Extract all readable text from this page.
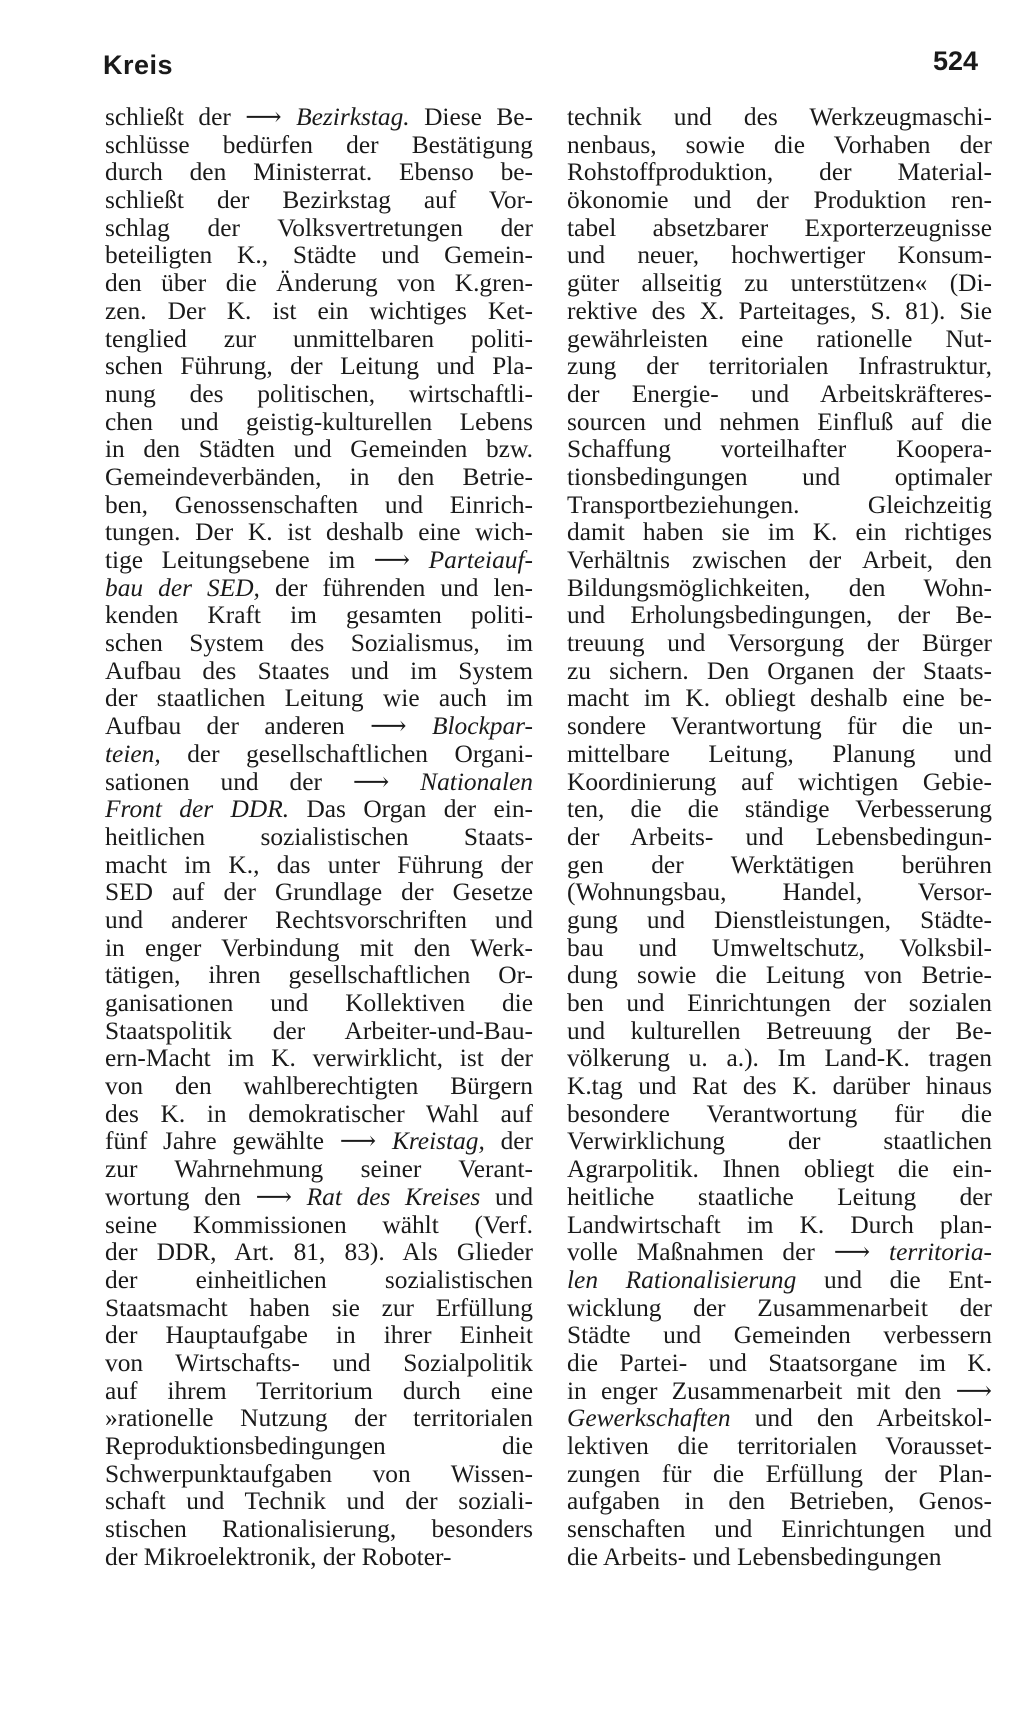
Kreis	524
schließt der ⟶ Bezirkstag. Diese Be-
schlüsse bedürfen der Bestätigung
durch den Ministerrat. Ebenso be-
schließt der Bezirkstag auf Vor-
schlag der Volksvertretungen der
beteiligten K., Städte und Gemein-
den über die Änderung von K.gren-
zen. Der K. ist ein wichtiges Ket-
tenglied zur unmittelbaren politi-
schen Führung, der Leitung und Pla-
nung des politischen, wirtschaftli-
chen und geistig-kulturellen Lebens
in den Städten und Gemeinden bzw.
Gemeindeverbänden, in den Betrie-
ben, Genossenschaften und Einrich-
tungen. Der K. ist deshalb eine wich-
tige Leitungsebene im ⟶ Parteiauf-
bau der SED, der führenden und len-
kenden Kraft im gesamten politi-
schen System des Sozialismus, im
Aufbau des Staates und im System
der staatlichen Leitung wie auch im
Aufbau der anderen ⟶ Blockpar-
teien, der gesellschaftlichen Organi-
sationen und der ⟶ Nationalen
Front der DDR. Das Organ der ein-
heitlichen sozialistischen Staats-
macht im K., das unter Führung der
SED auf der Grundlage der Gesetze
und anderer Rechtsvorschriften und
in enger Verbindung mit den Werk-
tätigen, ihren gesellschaftlichen Or-
ganisationen und Kollektiven die
Staatspolitik der Arbeiter-und-Bau-
ern-Macht im K. verwirklicht, ist der
von den wahlberechtigten Bürgern
des K. in demokratischer Wahl auf
fünf Jahre gewählte ⟶ Kreistag, der
zur Wahrnehmung seiner Verant-
wortung den ⟶ Rat des Kreises und
seine Kommissionen wählt (Verf.
der DDR, Art. 81, 83). Als Glieder
der einheitlichen sozialistischen
Staatsmacht haben sie zur Erfüllung
der Hauptaufgabe in ihrer Einheit
von Wirtschafts- und Sozialpolitik
auf ihrem Territorium durch eine
»rationelle Nutzung der territorialen
Reproduktionsbedingungen die
Schwerpunktaufgaben von Wissen-
schaft und Technik und der soziali-
stischen Rationalisierung, besonders
der Mikroelektronik, der Roboter-
technik und des Werkzeugmaschi-
nenbaus, sowie die Vorhaben der
Rohstoffproduktion, der Material-
ökonomie und der Produktion ren-
tabel absetzbarer Exporterzeugnisse
und neuer, hochwertiger Konsum-
güter allseitig zu unterstützen« (Di-
rektive des X. Parteitages, S. 81). Sie
gewährleisten eine rationelle Nut-
zung der territorialen Infrastruktur,
der Energie- und Arbeitskräfteres-
sourcen und nehmen Einfluß auf die
Schaffung vorteilhafter Koopera-
tionsbedingungen und optimaler
Transportbeziehungen. Gleichzeitig
damit haben sie im K. ein richtiges
Verhältnis zwischen der Arbeit, den
Bildungsmöglichkeiten, den Wohn-
und Erholungsbedingungen, der Be-
treuung und Versorgung der Bürger
zu sichern. Den Organen der Staats-
macht im K. obliegt deshalb eine be-
sondere Verantwortung für die un-
mittelbare Leitung, Planung und
Koordinierung auf wichtigen Gebie-
ten, die die ständige Verbesserung
der Arbeits- und Lebensbedingun-
gen der Werktätigen berühren
(Wohnungsbau, Handel, Versor-
gung und Dienstleistungen, Städte-
bau und Umweltschutz, Volksbil-
dung sowie die Leitung von Betrie-
ben und Einrichtungen der sozialen
und kulturellen Betreuung der Be-
völkerung u. a.). Im Land-K. tragen
K.tag und Rat des K. darüber hinaus
besondere Verantwortung für die
Verwirklichung der staatlichen
Agrarpolitik. Ihnen obliegt die ein-
heitliche staatliche Leitung der
Landwirtschaft im K. Durch plan-
volle Maßnahmen der ⟶ territoria-
len Rationalisierung und die Ent-
wicklung der Zusammenarbeit der
Städte und Gemeinden verbessern
die Partei- und Staatsorgane im K.
in enger Zusammenarbeit mit den ⟶
Gewerkschaften und den Arbeitskol-
lektiven die territorialen Vorausset-
zungen für die Erfüllung der Plan-
aufgaben in den Betrieben, Genos-
senschaften und Einrichtungen und
die Arbeits- und Lebensbedingungen
